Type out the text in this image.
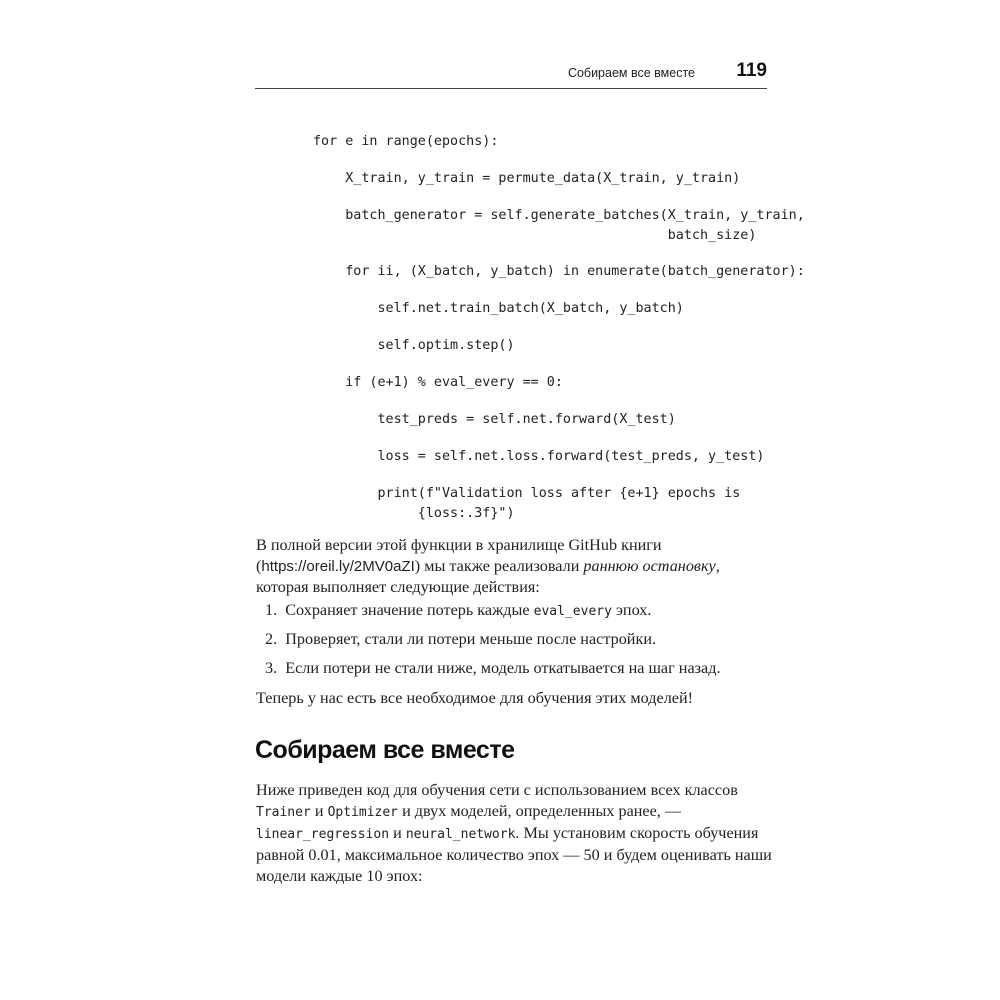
Собираем все вместе 119
for e in range(epochs):
X_train, y_train = permute_data(X_train, y_train)
batch_generator = self.generate_batches(X_train, y_train,
batch_size)
for ii, (X_batch, y_batch) in enumerate(batch_generator):
self.net.train_batch(X_batch, y_batch)
self.optim.step()
if (e+1) % eval_every == 0:
test_preds = self.net.forward(X_test)
loss = self.net.loss.forward(test_preds, y_test)
print(f"Validation loss after {e+1} epochs is
{loss:.3f}")
В полной версии этой функции в хранилище GitHub книги (https://oreil.ly/2MV0aZI) мы также реализовали раннюю остановку, которая выполняет следующие действия:
1. Сохраняет значение потерь каждые eval_every эпох.
2. Проверяет, стали ли потери меньше после настройки.
3. Если потери не стали ниже, модель откатывается на шаг назад.
Теперь у нас есть все необходимое для обучения этих моделей!
Собираем все вместе
Ниже приведен код для обучения сети с использованием всех классов Trainer и Optimizer и двух моделей, определенных ранее, — linear_regression и neural_network. Мы установим скорость обучения равной 0.01, максимальное количество эпох — 50 и будем оценивать наши модели каждые 10 эпох:
